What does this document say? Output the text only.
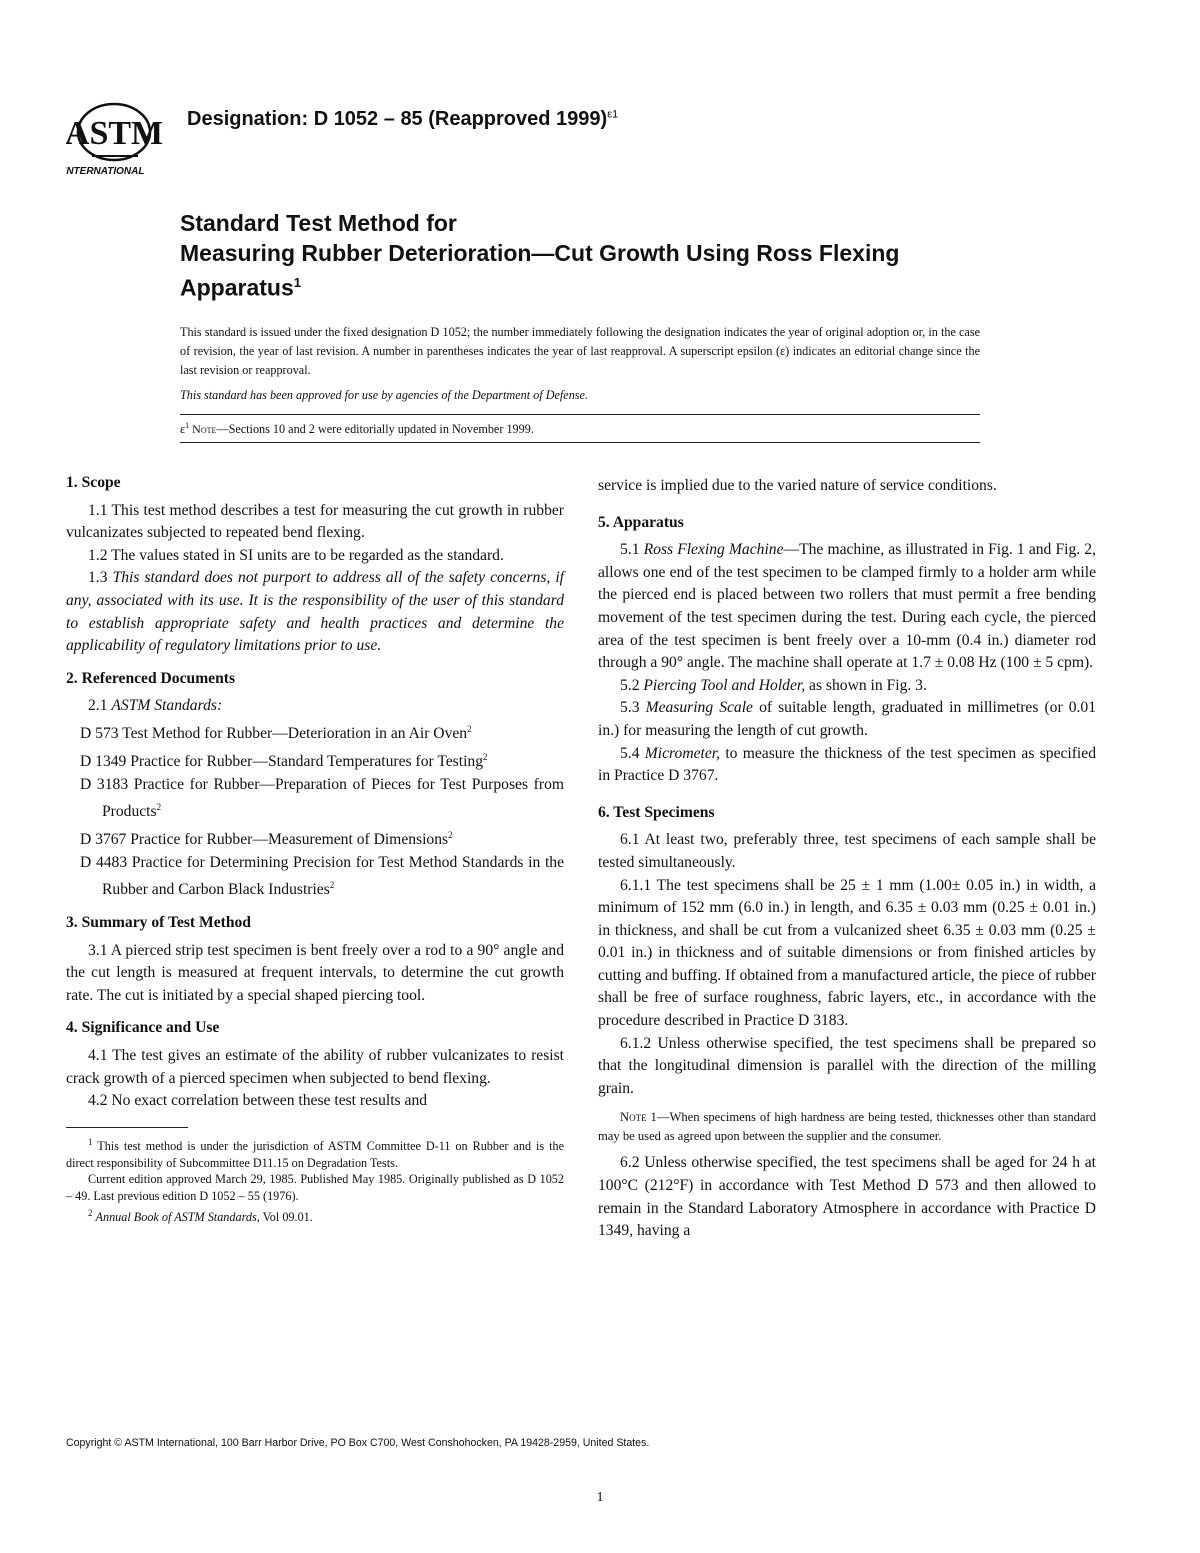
ASTM
INTERNATIONAL
Designation: D 1052 – 85 (Reapproved 1999)$^{\varepsilon 1}$
Standard Test Method for
Measuring Rubber Deterioration—Cut Growth Using Ross Flexing Apparatus$^1$
This standard is issued under the fixed designation D 1052; the number immediately following the designation indicates the year of original adoption or, in the case of revision, the year of last revision. A number in parentheses indicates the year of last reapproval. A superscript epsilon (ε) indicates an editorial change since the last revision or reapproval.
This standard has been approved for use by agencies of the Department of Defense.
$\varepsilon^1$ Note—Sections 10 and 2 were editorially updated in November 1999.
1. Scope

1.1 This test method describes a test for measuring the cut growth in rubber vulcanizates subjected to repeated bend flexing.

1.2 The values stated in SI units are to be regarded as the standard.

1.3 This standard does not purport to address all of the safety concerns, if any, associated with its use. It is the responsibility of the user of this standard to establish appropriate safety and health practices and determine the applicability of regulatory limitations prior to use.

2. Referenced Documents

2.1 ASTM Standards:

D 573 Test Method for Rubber—Deterioration in an Air Oven$^2$

D 1349 Practice for Rubber—Standard Temperatures for Testing$^2$

D 3183 Practice for Rubber—Preparation of Pieces for Test Purposes from Products$^2$

D 3767 Practice for Rubber—Measurement of Dimensions$^2$

D 4483 Practice for Determining Precision for Test Method Standards in the Rubber and Carbon Black Industries$^2$

3. Summary of Test Method

3.1 A pierced strip test specimen is bent freely over a rod to a 90° angle and the cut length is measured at frequent intervals, to determine the cut growth rate. The cut is initiated by a special shaped piercing tool.

4. Significance and Use

4.1 The test gives an estimate of the ability of rubber vulcanizates to resist crack growth of a pierced specimen when subjected to bend flexing.

4.2 No exact correlation between these test results and

$^1$ This test method is under the jurisdiction of ASTM Committee D-11 on Rubber and is the direct responsibility of Subcommittee D11.15 on Degradation Tests.

Current edition approved March 29, 1985. Published May 1985. Originally published as D 1052 – 49. Last previous edition D 1052 – 55 (1976).

$^2$ Annual Book of ASTM Standards, Vol 09.01.

service is implied due to the varied nature of service conditions.

5. Apparatus

5.1 Ross Flexing Machine—The machine, as illustrated in Fig. 1 and Fig. 2, allows one end of the test specimen to be clamped firmly to a holder arm while the pierced end is placed between two rollers that must permit a free bending movement of the test specimen during the test. During each cycle, the pierced area of the test specimen is bent freely over a 10-mm (0.4 in.) diameter rod through a 90° angle. The machine shall operate at 1.7 ± 0.08 Hz (100 ± 5 cpm).

5.2 Piercing Tool and Holder, as shown in Fig. 3.

5.3 Measuring Scale of suitable length, graduated in millimetres (or 0.01 in.) for measuring the length of cut growth.

5.4 Micrometer, to measure the thickness of the test specimen as specified in Practice D 3767.

6. Test Specimens

6.1 At least two, preferably three, test specimens of each sample shall be tested simultaneously.

6.1.1 The test specimens shall be 25 ± 1 mm (1.00± 0.05 in.) in width, a minimum of 152 mm (6.0 in.) in length, and 6.35 ± 0.03 mm (0.25 ± 0.01 in.) in thickness, and shall be cut from a vulcanized sheet 6.35 ± 0.03 mm (0.25 ± 0.01 in.) in thickness and of suitable dimensions or from finished articles by cutting and buffing. If obtained from a manufactured article, the piece of rubber shall be free of surface roughness, fabric layers, etc., in accordance with the procedure described in Practice D 3183.

6.1.2 Unless otherwise specified, the test specimens shall be prepared so that the longitudinal dimension is parallel with the direction of the milling grain.

Note 1—When specimens of high hardness are being tested, thicknesses other than standard may be used as agreed upon between the supplier and the consumer.

6.2 Unless otherwise specified, the test specimens shall be aged for 24 h at 100°C (212°F) in accordance with Test Method D 573 and then allowed to remain in the Standard Laboratory Atmosphere in accordance with Practice D 1349, having a

Copyright © ASTM International, 100 Barr Harbor Drive, PO Box C700, West Conshohocken, PA 19428-2959, United States.
1
